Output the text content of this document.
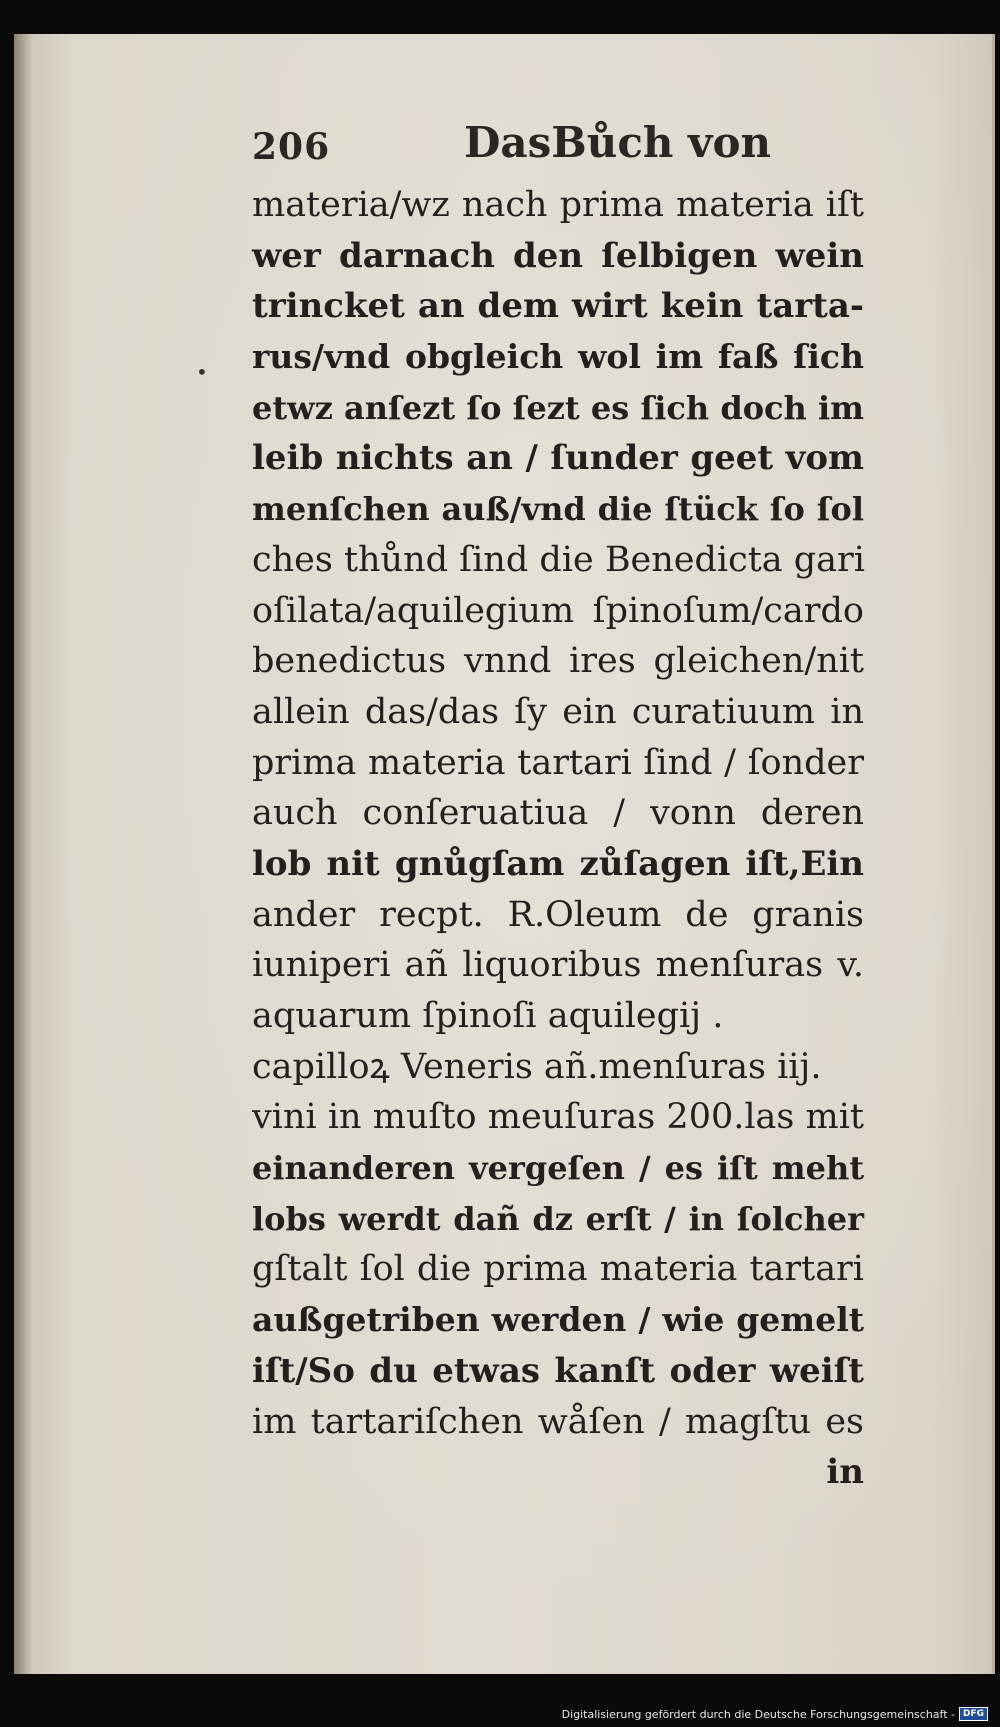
206	DasBůch von
•
materia/wz nach prima materia iſt
wer darnach den ſelbigen wein
trincket an dem wirt kein tarta-
rus/vnd obgleich wol im faß ſich
etwz anſezt ſo ſezt es ſich doch im
leib nichts an / ſunder geet vom
menſchen auß/vnd die ſtück ſo ſol
ches thůnd ſind die Benedicta gari
oſilata/aquilegium ſpinoſum/cardo
benedictus vnnd ires gleichen/nit
allein das/das ſy ein curatiuum in
prima materia tartari ſind / ſonder
auch conſeruatiua / vonn deren
lob nit gnůgſam zůſagen iſt,Ein
ander recpt. R.Oleum de granis
iuniperi añ liquoribus menſuras v.
aquarum ſpinoſi aquilegij .
capilloꝝ Veneris añ.menſuras iij.
vini in muſto meuſuras 200.las mit
einanderen vergeſen / es iſt meht
lobs werdt dañ dz erſt / in ſolcher
gſtalt ſol die prima materia tartari
außgetriben werden / wie gemelt
iſt/So du etwas kanſt oder weiſt
im tartariſchen wåſen / magſtu es
in
Digitalisierung gefördert durch die Deutsche Forschungsgemeinschaft - DFG
